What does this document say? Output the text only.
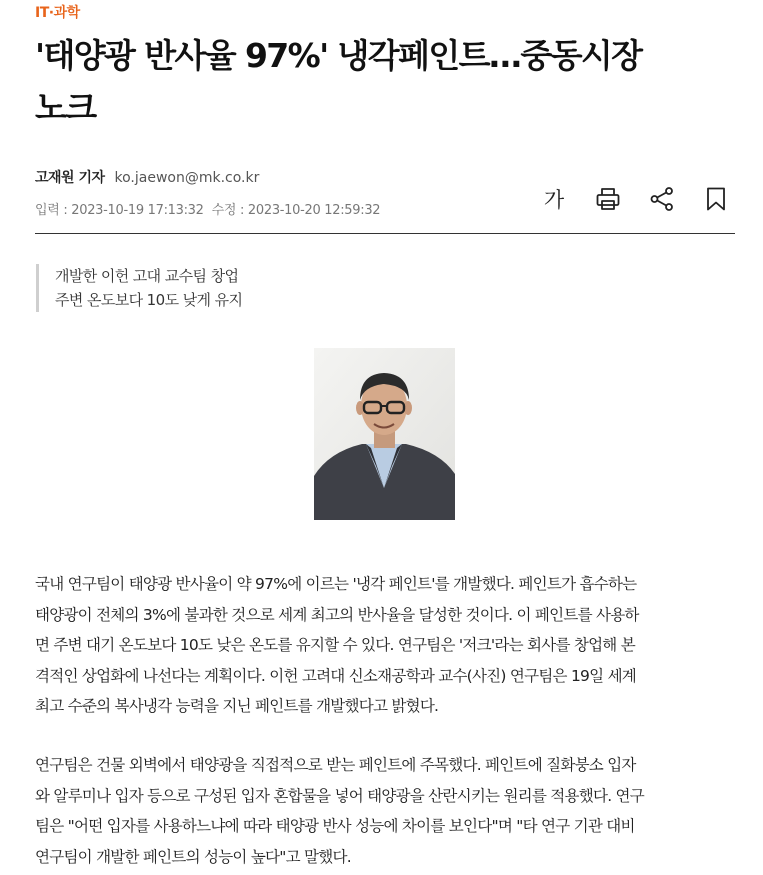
IT·과학
'태양광 반사율 97%' 냉각페인트…중동시장
노크
고재원 기자 ko.jaewon@mk.co.kr
입력 : 2023-10-19 17:13:32 수정 : 2023-10-20 12:59:32	가
개발한 이헌 고대 교수팀 창업
주변 온도보다 10도 낮게 유지
국내 연구팀이 태양광 반사율이 약 97%에 이르는 '냉각 페인트'를 개발했다. 페인트가 흡수하는
태양광이 전체의 3%에 불과한 것으로 세계 최고의 반사율을 달성한 것이다. 이 페인트를 사용하
면 주변 대기 온도보다 10도 낮은 온도를 유지할 수 있다. 연구팀은 '저크'라는 회사를 창업해 본
격적인 상업화에 나선다는 계획이다. 이헌 고려대 신소재공학과 교수(사진) 연구팀은 19일 세계
최고 수준의 복사냉각 능력을 지닌 페인트를 개발했다고 밝혔다.
연구팀은 건물 외벽에서 태양광을 직접적으로 받는 페인트에 주목했다. 페인트에 질화붕소 입자
와 알루미나 입자 등으로 구성된 입자 혼합물을 넣어 태양광을 산란시키는 원리를 적용했다. 연구
팀은 "어떤 입자를 사용하느냐에 따라 태양광 반사 성능에 차이를 보인다"며 "타 연구 기관 대비
연구팀이 개발한 페인트의 성능이 높다"고 말했다.
